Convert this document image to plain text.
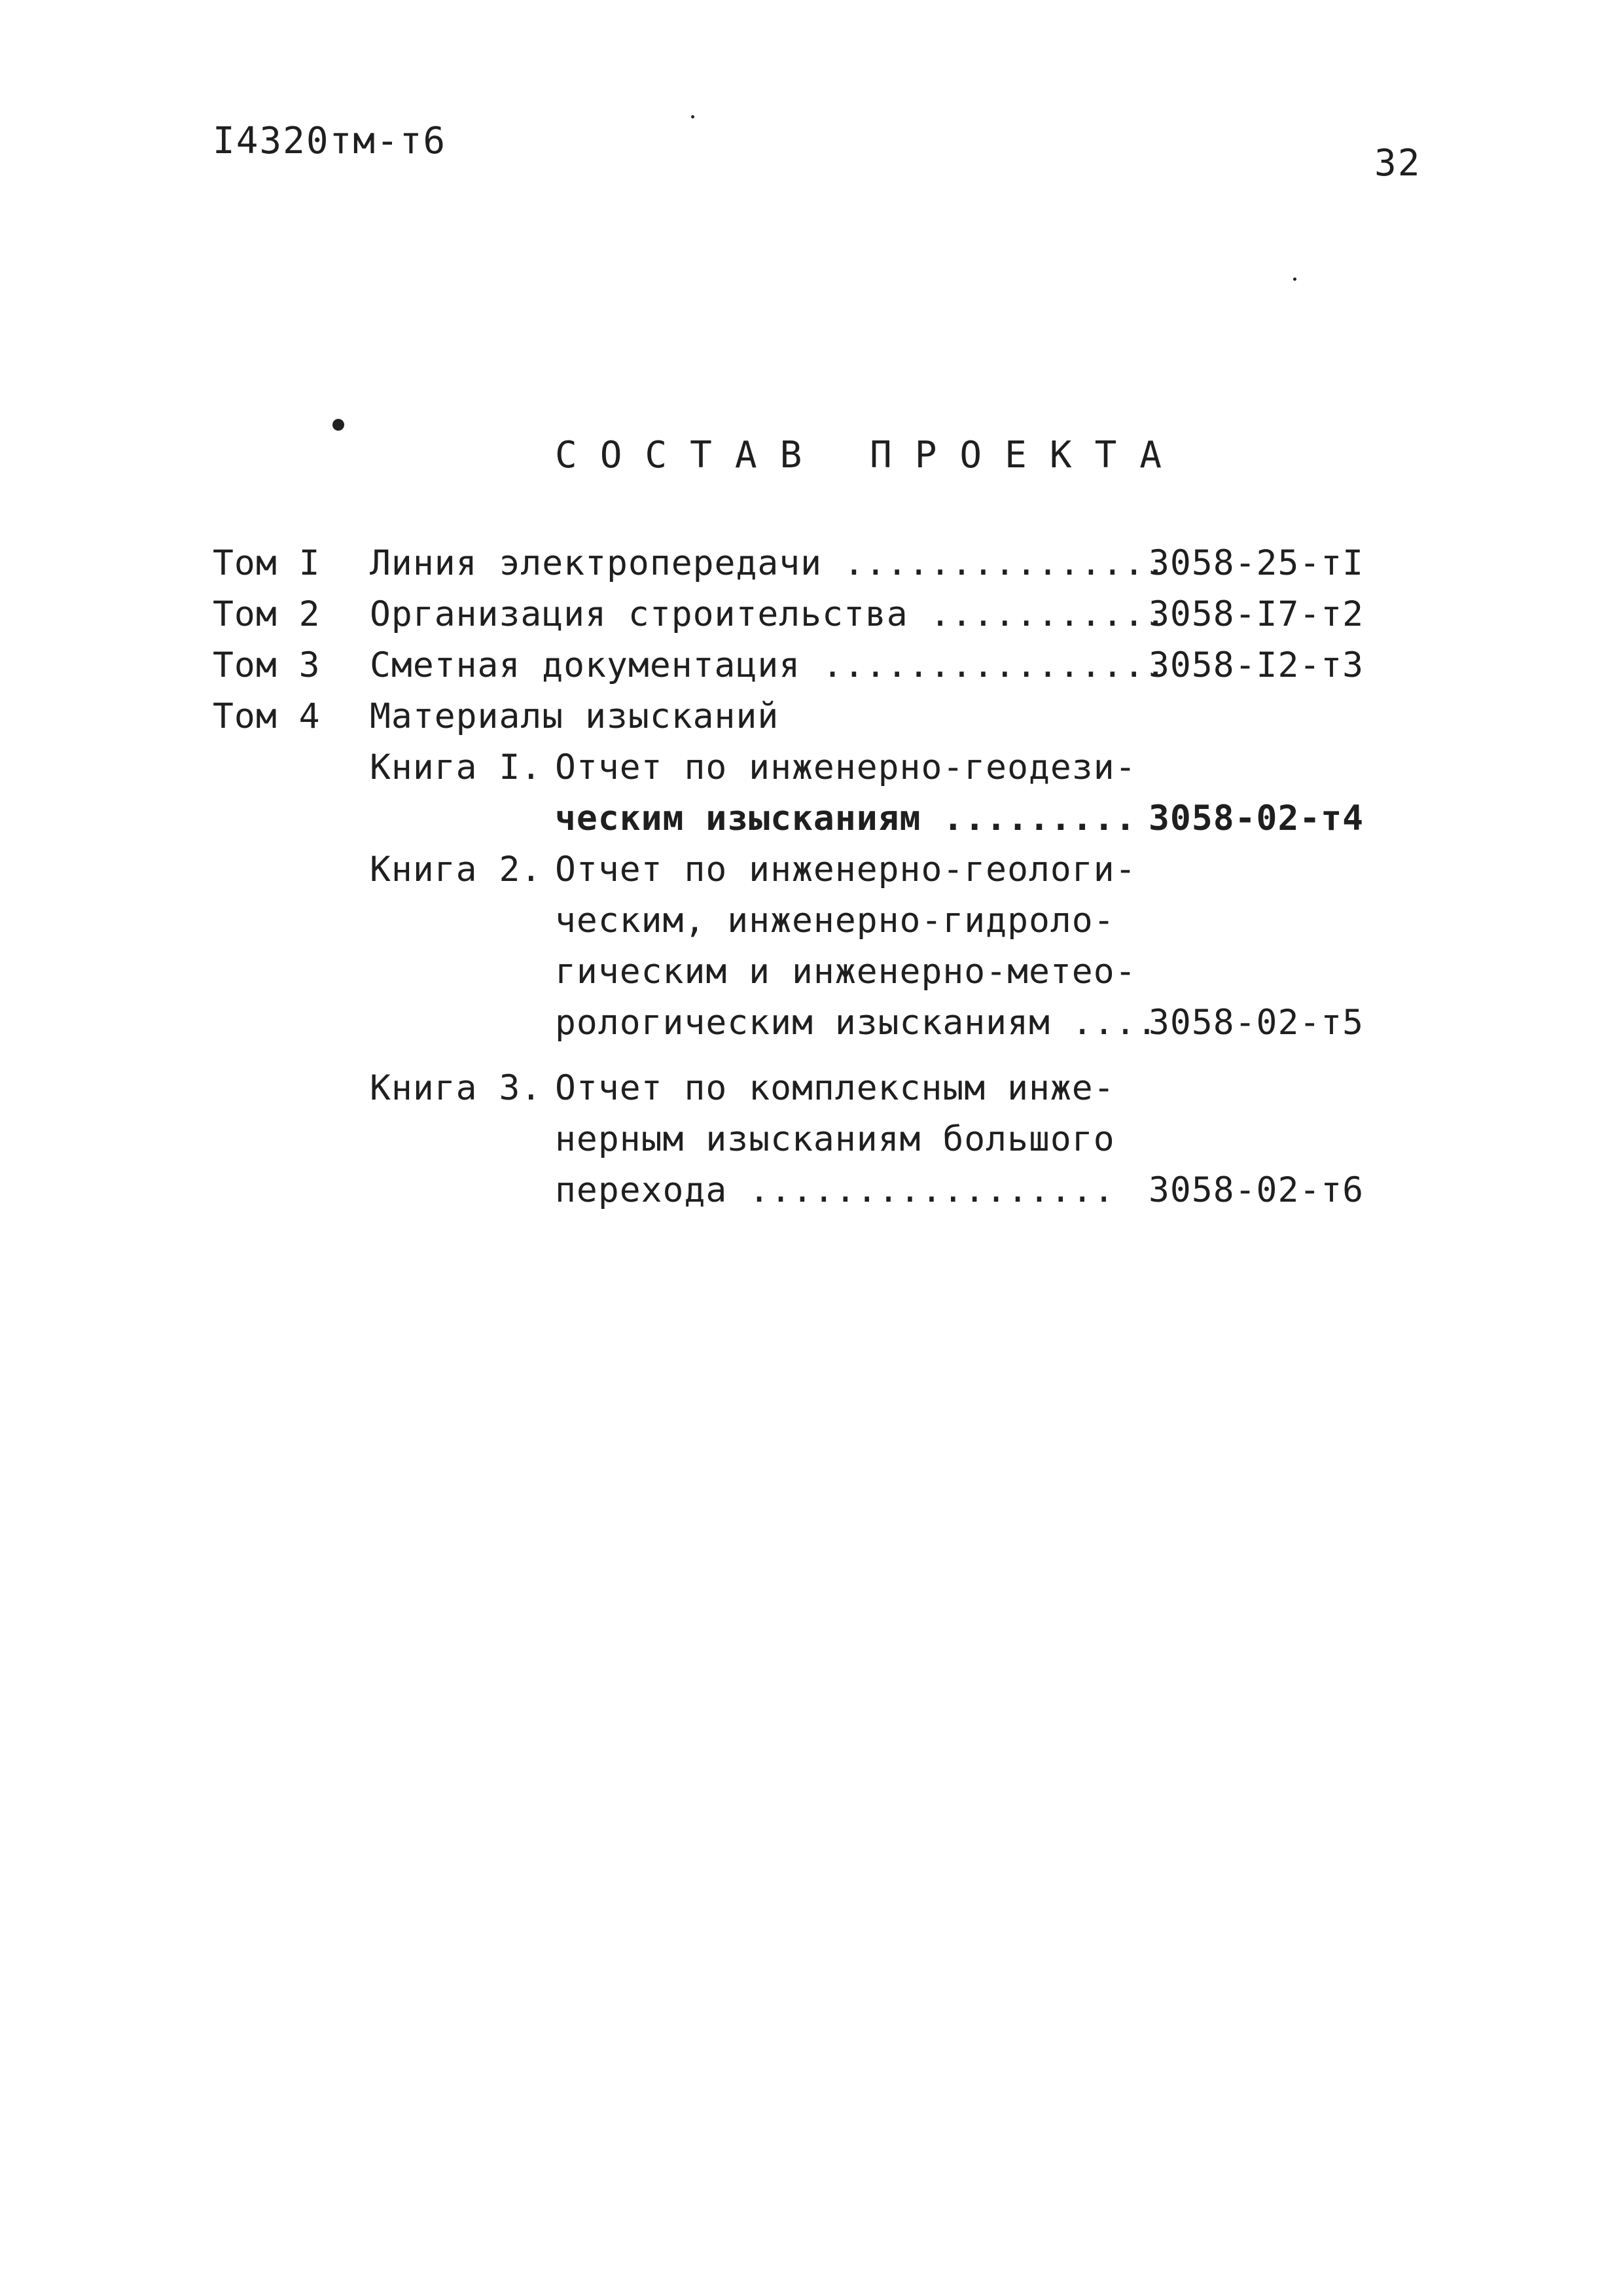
I4320тм-т6
32
СОСТАВ ПРОЕКТА

Том I

Линия электропередачи ...............

3058-25-тI

Том 2

Организация строительства ...........

3058-I7-т2

Том 3

Сметная документация ................

3058-I2-т3

Том 4

Материалы изысканий

Книга I.

Отчет по инженерно-геодези-

ческим изысканиям .........

3058-02-т4

Книга 2.

Отчет по инженерно-геологи-

ческим, инженерно-гидроло-

гическим и инженерно-метео-

рологическим изысканиям ....

3058-02-т5

Книга 3.

Отчет по комплексным инже-

нерным изысканиям большого

перехода .................

3058-02-т6
